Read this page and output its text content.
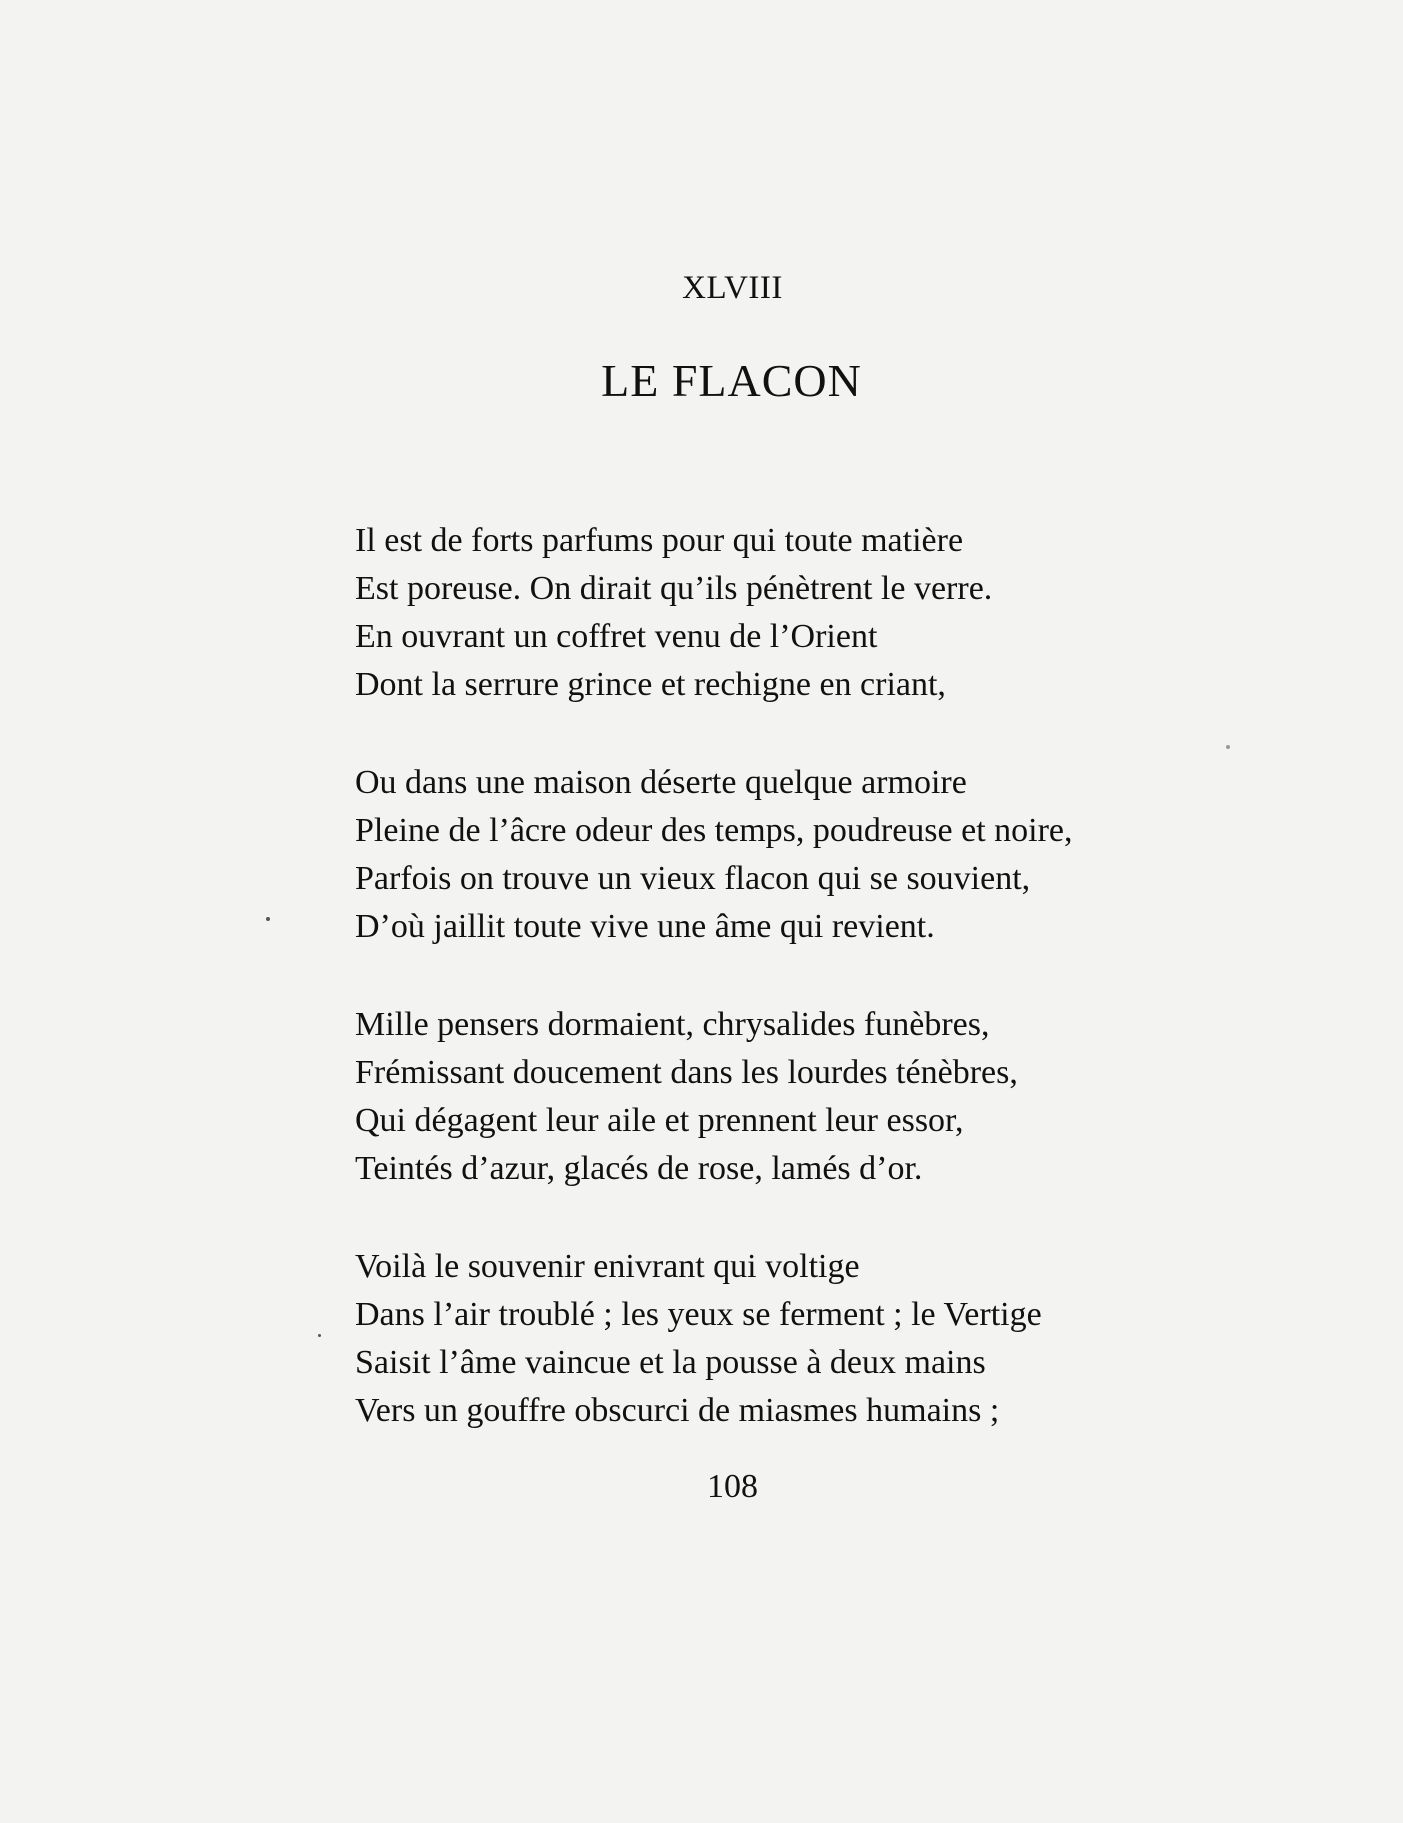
XLVIII
LE FLACON
Il est de forts parfums pour qui toute matière
Est poreuse. On dirait qu’ils pénètrent le verre.
En ouvrant un coffret venu de l’Orient
Dont la serrure grince et rechigne en criant,
Ou dans une maison déserte quelque armoire
Pleine de l’âcre odeur des temps, poudreuse et noire,
Parfois on trouve un vieux flacon qui se souvient,
D’où jaillit toute vive une âme qui revient.
Mille pensers dormaient, chrysalides funèbres,
Frémissant doucement dans les lourdes ténèbres,
Qui dégagent leur aile et prennent leur essor,
Teintés d’azur, glacés de rose, lamés d’or.
Voilà le souvenir enivrant qui voltige
Dans l’air troublé ; les yeux se ferment ; le Vertige
Saisit l’âme vaincue et la pousse à deux mains
Vers un gouffre obscurci de miasmes humains ;
108
